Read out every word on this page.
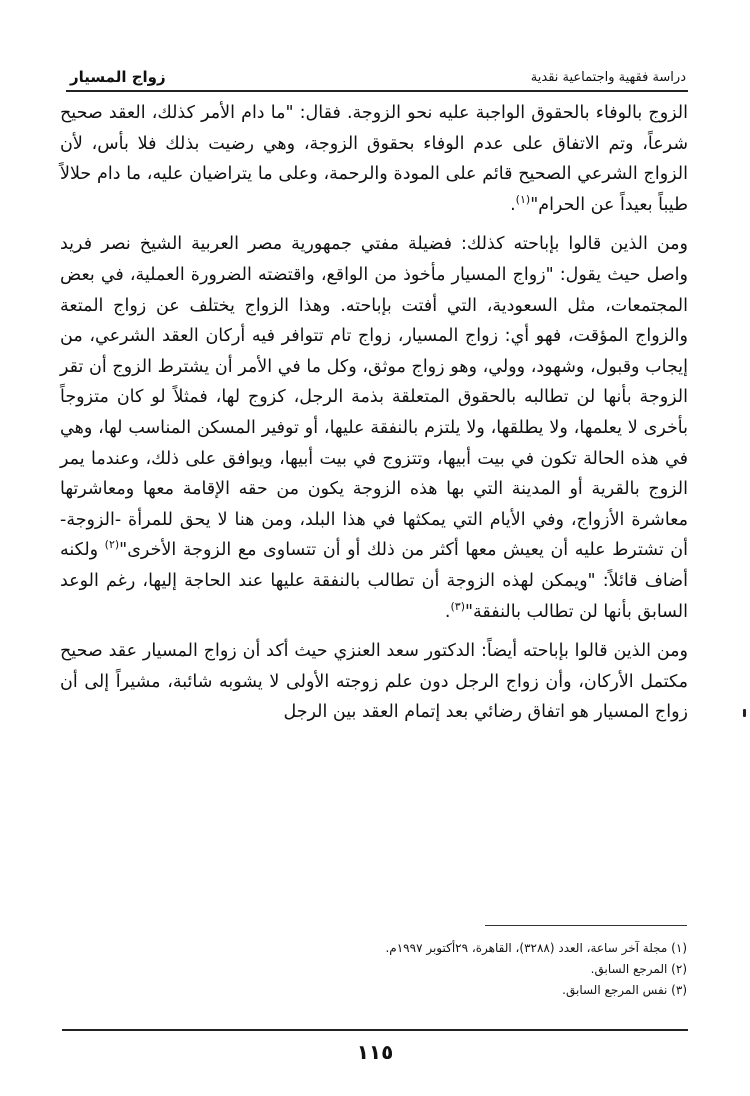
دراسة فقهية واجتماعية نقدية
زواج المسيار

الزوج بالوفاء بالحقوق الواجبة عليه نحو الزوجة. فقال: "ما دام الأمر كذلك، العقد صحيح شرعاً، وتم الاتفاق على عدم الوفاء بحقوق الزوجة، وهي رضيت بذلك فلا بأس، لأن الزواج الشرعي الصحيح قائم على المودة والرحمة، وعلى ما يتراضيان عليه، ما دام حلالاً طيباً بعيداً عن الحرام"$^{(١)}$.

ومن الذين قالوا بإباحته كذلك: فضيلة مفتي جمهورية مصر العربية الشيخ نصر فريد واصل حيث يقول: "زواج المسيار مأخوذ من الواقع، واقتضته الضرورة العملية، في بعض المجتمعات، مثل السعودية، التي أفتت بإباحته. وهذا الزواج يختلف عن زواج المتعة والزواج المؤقت، فهو أي: زواج المسيار، زواج تام تتوافر فيه أركان العقد الشرعي، من إيجاب وقبول، وشهود، وولي، وهو زواج موثق، وكل ما في الأمر أن يشترط الزوج أن تقر الزوجة بأنها لن تطالبه بالحقوق المتعلقة بذمة الرجل، كزوج لها، فمثلاً لو كان متزوجاً بأخرى لا يعلمها، ولا يطلقها، ولا يلتزم بالنفقة عليها، أو توفير المسكن المناسب لها، وهي في هذه الحالة تكون في بيت أبيها، وتتزوج في بيت أبيها، ويوافق على ذلك، وعندما يمر الزوج بالقرية أو المدينة التي بها هذه الزوجة يكون من حقه الإقامة معها ومعاشرتها معاشرة الأزواج، وفي الأيام التي يمكثها في هذا البلد، ومن هنا لا يحق للمرأة -الزوجة- أن تشترط عليه أن يعيش معها أكثر من ذلك أو أن تتساوى مع الزوجة الأخرى"$^{(٢)}$ ولكنه أضاف قائلاً: "ويمكن لهذه الزوجة أن تطالب بالنفقة عليها عند الحاجة إليها، رغم الوعد السابق بأنها لن تطالب بالنفقة"$^{(٣)}$.

ومن الذين قالوا بإباحته أيضاً: الدكتور سعد العنزي حيث أكد أن زواج المسيار عقد صحيح مكتمل الأركان، وأن زواج الرجل دون علم زوجته الأولى لا يشوبه شائبة، مشيراً إلى أن زواج المسيار هو اتفاق رضائي بعد إتمام العقد بين الرجل

(١) مجلة آخر ساعة، العدد (٣٢٨٨)، القاهرة، ٢٩أكتوبر ١٩٩٧م.
(٢) المرجع السابق.
(٣) نفس المرجع السابق.
١١٥
